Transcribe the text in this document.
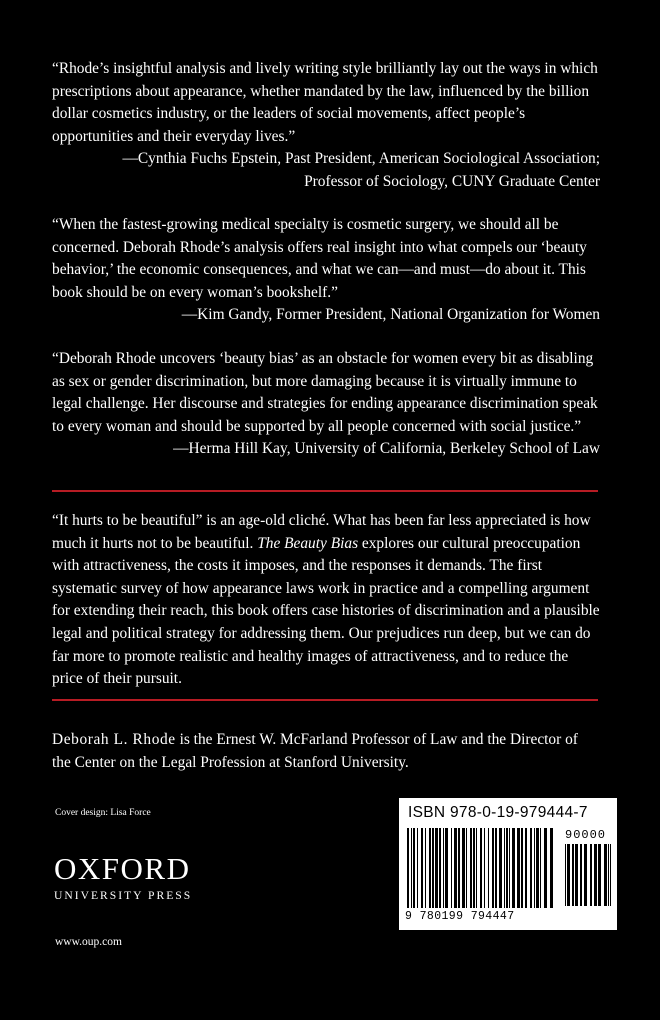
“Rhode’s insightful analysis and lively writing style brilliantly lay out the ways in which prescriptions about appearance, whether mandated by the law, influenced by the billion dollar cosmetics industry, or the leaders of social movements, affect people’s opportunities and their everyday lives.”
—Cynthia Fuchs Epstein, Past President, American Sociological Association;
Professor of Sociology, CUNY Graduate Center

“When the fastest-growing medical specialty is cosmetic surgery, we should all be concerned. Deborah Rhode’s analysis offers real insight into what compels our ‘beauty behavior,’ the economic consequences, and what we can—and must—do about it. This book should be on every woman’s bookshelf.”
—Kim Gandy, Former President, National Organization for Women

“Deborah Rhode uncovers ‘beauty bias’ as an obstacle for women every bit as disabling as sex or gender discrimination, but more damaging because it is virtually immune to legal challenge. Her discourse and strategies for ending appearance discrimination speak to every woman and should be supported by all people concerned with social justice.”
—Herma Hill Kay, University of California, Berkeley School of Law

“It hurts to be beautiful” is an age-old cliché. What has been far less appreciated is how much it hurts not to be beautiful. The Beauty Bias explores our cultural preoccupation with attractiveness, the costs it imposes, and the responses it demands. The first systematic survey of how appearance laws work in practice and a compelling argument for extending their reach, this book offers case histories of discrimination and a plausible legal and political strategy for addressing them. Our prejudices run deep, but we can do far more to promote realistic and healthy images of attractiveness, and to reduce the price of their pursuit.

Deborah L. Rhode is the Ernest W. McFarland Professor of Law and the Director of the Center on the Legal Profession at Stanford University.

Cover design: Lisa Force
OXFORD
UNIVERSITY PRESS
www.oup.com
ISBN 978-0-19-979444-7
90000
9 780199 794447
